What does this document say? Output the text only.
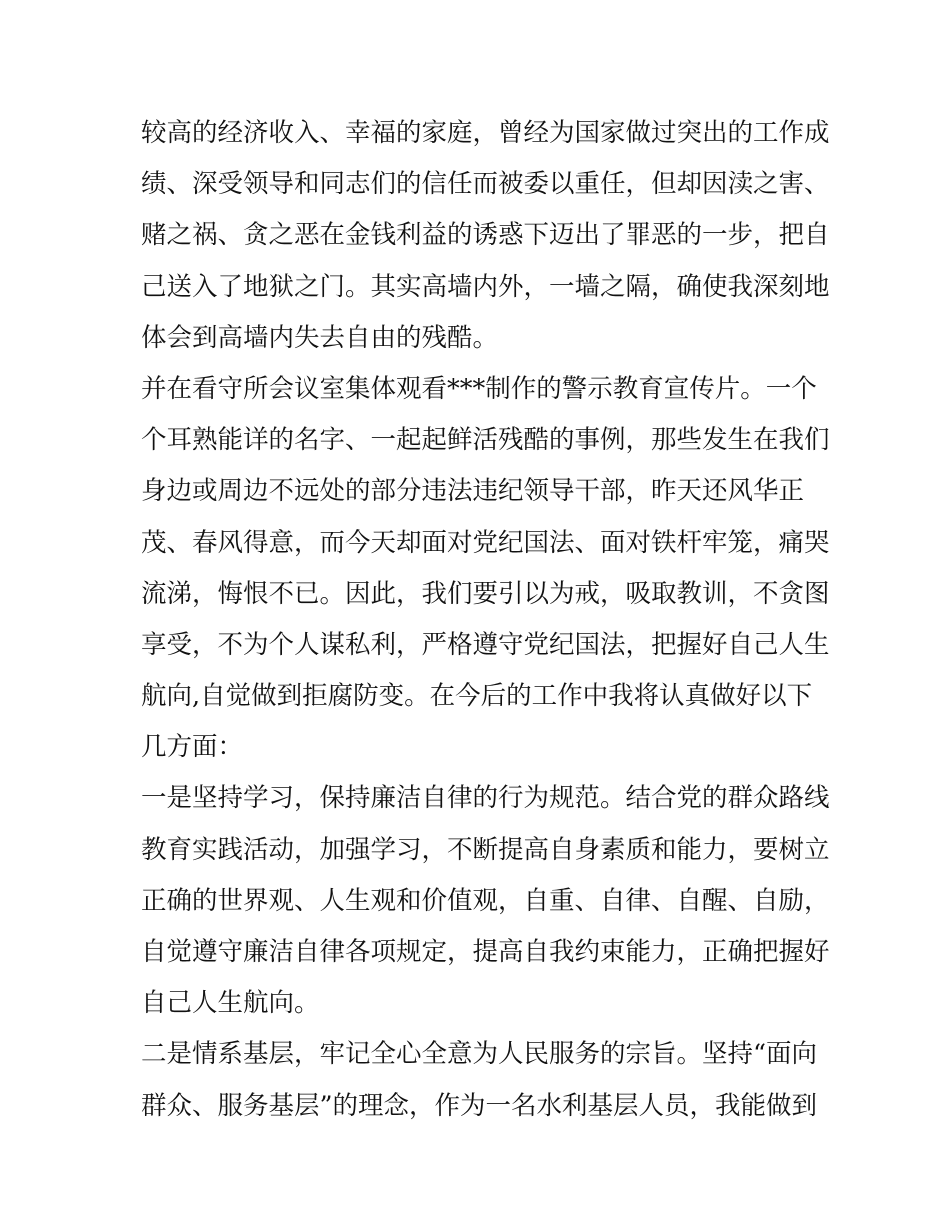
较高的经济收入、幸福的家庭，曾经为国家做过突出的工作成
绩、深受领导和同志们的信任而被委以重任，但却因渎之害、
赌之祸、贪之恶在金钱利益的诱惑下迈出了罪恶的一步，把自
己送入了地狱之门。其实高墙内外，一墙之隔，确使我深刻地
体会到高墙内失去自由的残酷。
并在看守所会议室集体观看***制作的警示教育宣传片。一个
个耳熟能详的名字、一起起鲜活残酷的事例，那些发生在我们
身边或周边不远处的部分违法违纪领导干部，昨天还风华正
茂、春风得意，而今天却面对党纪国法、面对铁杆牢笼，痛哭
流涕，悔恨不已。因此，我们要引以为戒，吸取教训，不贪图
享受，不为个人谋私利，严格遵守党纪国法，把握好自己人生
航向,自觉做到拒腐防变。在今后的工作中我将认真做好以下
几方面：
一是坚持学习，保持廉洁自律的行为规范。结合党的群众路线
教育实践活动，加强学习，不断提高自身素质和能力，要树立
正确的世界观、人生观和价值观，自重、自律、自醒、自励，
自觉遵守廉洁自律各项规定，提高自我约束能力，正确把握好
自己人生航向。
二是情系基层，牢记全心全意为人民服务的宗旨。坚持“面向
群众、服务基层”的理念，作为一名水利基层人员，我能做到
